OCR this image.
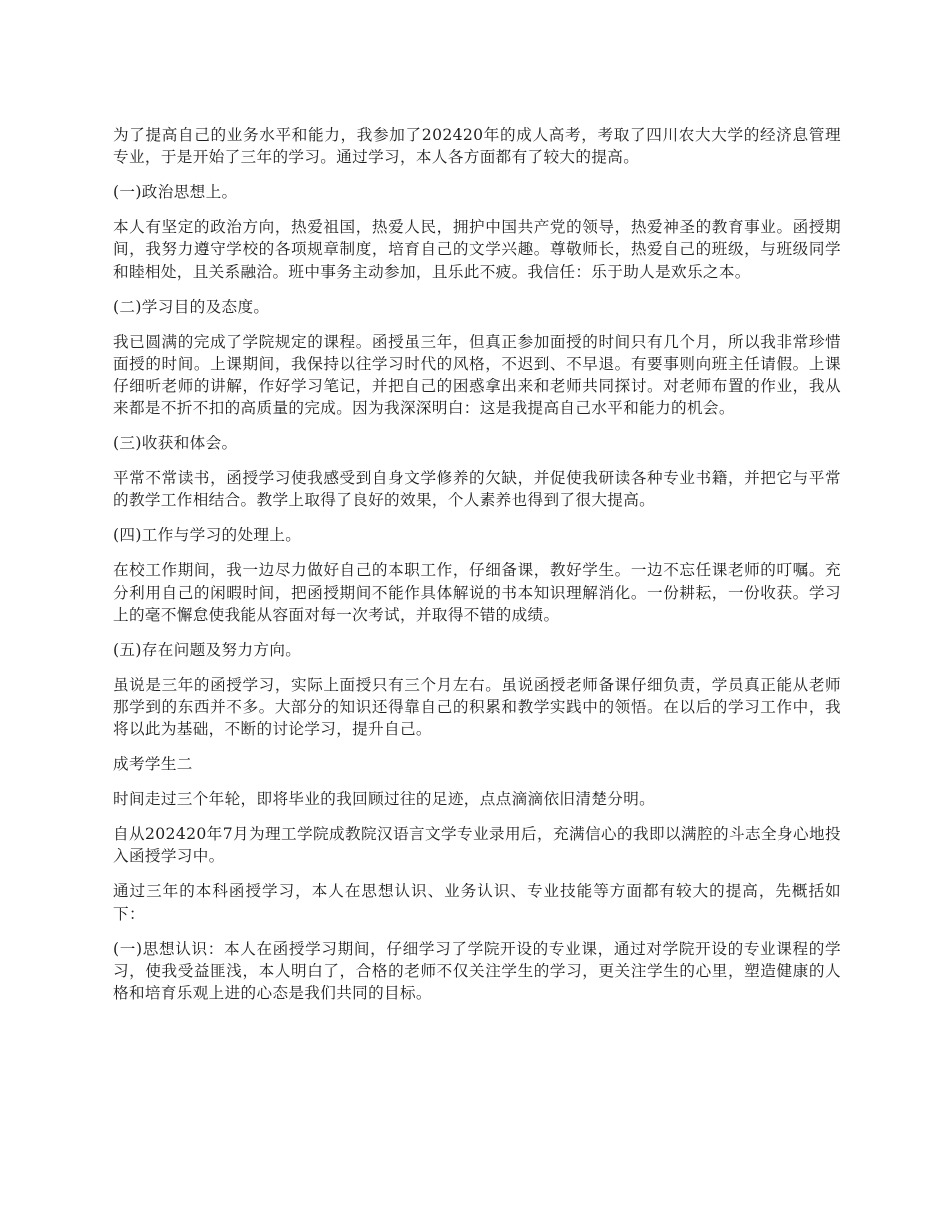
为了提高自己的业务水平和能力，我参加了202420年的成人高考，考取了四川农大大学的经济息管理专业，于是开始了三年的学习。通过学习，本人各方面都有了较大的提高。

(一)政治思想上。

本人有坚定的政治方向，热爱祖国，热爱人民，拥护中国共产党的领导，热爱神圣的教育事业。函授期间，我努力遵守学校的各项规章制度，培育自己的文学兴趣。尊敬师长，热爱自己的班级，与班级同学和睦相处，且关系融洽。班中事务主动参加，且乐此不疲。我信任：乐于助人是欢乐之本。

(二)学习目的及态度。

我已圆满的完成了学院规定的课程。函授虽三年，但真正参加面授的时间只有几个月，所以我非常珍惜面授的时间。上课期间，我保持以往学习时代的风格，不迟到、不早退。有要事则向班主任请假。上课仔细听老师的讲解，作好学习笔记，并把自己的困惑拿出来和老师共同探讨。对老师布置的作业，我从来都是不折不扣的高质量的完成。因为我深深明白：这是我提高自己水平和能力的机会。

(三)收获和体会。

平常不常读书，函授学习使我感受到自身文学修养的欠缺，并促使我研读各种专业书籍，并把它与平常的教学工作相结合。教学上取得了良好的效果，个人素养也得到了很大提高。

(四)工作与学习的处理上。

在校工作期间，我一边尽力做好自己的本职工作，仔细备课，教好学生。一边不忘任课老师的叮嘱。充分利用自己的闲暇时间，把函授期间不能作具体解说的书本知识理解消化。一份耕耘，一份收获。学习上的毫不懈怠使我能从容面对每一次考试，并取得不错的成绩。

(五)存在问题及努力方向。

虽说是三年的函授学习，实际上面授只有三个月左右。虽说函授老师备课仔细负责，学员真正能从老师那学到的东西并不多。大部分的知识还得靠自己的积累和教学实践中的领悟。在以后的学习工作中，我将以此为基础，不断的讨论学习，提升自己。

成考学生二

时间走过三个年轮，即将毕业的我回顾过往的足迹，点点滴滴依旧清楚分明。

自从202420年7月为理工学院成教院汉语言文学专业录用后，充满信心的我即以满腔的斗志全身心地投入函授学习中。

通过三年的本科函授学习，本人在思想认识、业务认识、专业技能等方面都有较大的提高，先概括如下：

(一)思想认识：本人在函授学习期间，仔细学习了学院开设的专业课，通过对学院开设的专业课程的学习，使我受益匪浅，本人明白了，合格的老师不仅关注学生的学习，更关注学生的心里，塑造健康的人格和培育乐观上进的心态是我们共同的目标。
